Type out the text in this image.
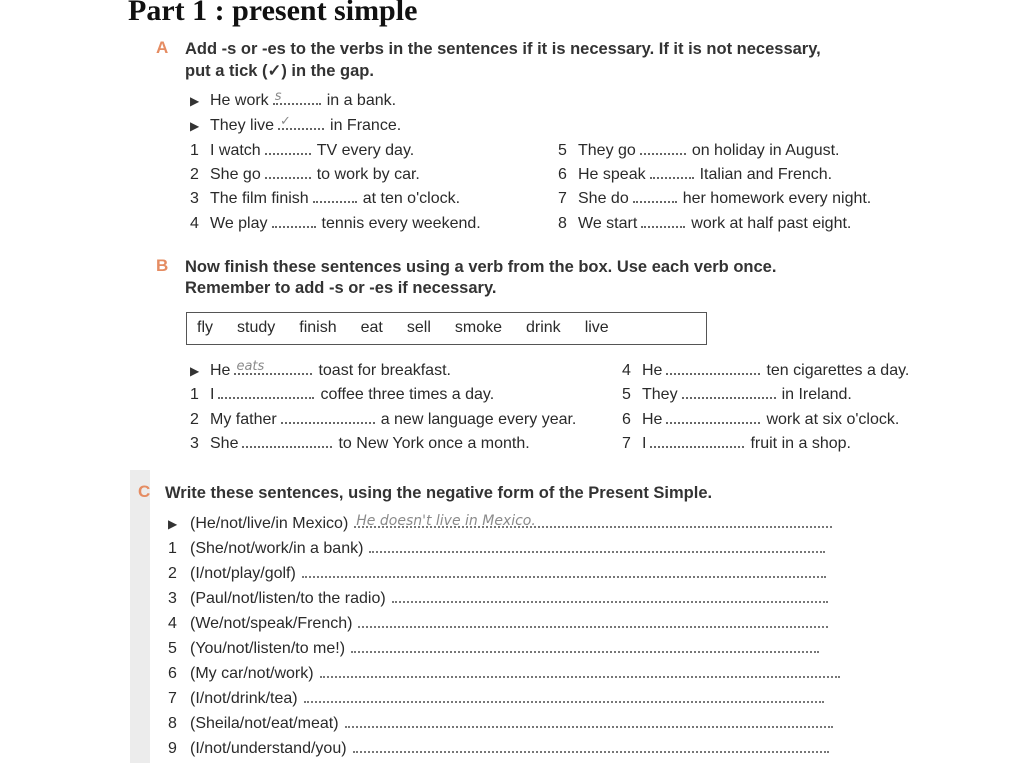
Part 1 : present simple
A Add -s or -es to the verbs in the sentences if it is necessary. If it is not necessary,
put a tick (✓) in the gap.
▶ He work s	in a bank.
▶ They live ✓ in France.
1 I watch	TV every day.
2 She go	to work by car.
3 The film finish	at ten o'clock.
4 We play	tennis every weekend.
5 They go	on holiday in August.
6 He speak	Italian and French.
7 She do	her homework every night.
8 We start	work at half past eight.
B Now finish these sentences using a verb from the box. Use each verb once.
Remember to add -s or -es if necessary.
fly study finish eat sell smoke drink live
▶ He eats	toast for breakfast.
1 I	coffee three times a day.
2 My father	a new language every year.
3 She	to New York once a month.
4 He	ten cigarettes a day.
5 They	in Ireland.
6 He	work at six o'clock.
7 I	fruit in a shop.
C Write these sentences, using the negative form of the Present Simple.
▶ (He/not/live/in Mexico) He doesn't live in Mexico.
1 (She/not/work/in a bank)
2 (I/not/play/golf)
3 (Paul/not/listen/to the radio)
4 (We/not/speak/French)
5 (You/not/listen/to me!)
6 (My car/not/work)
7 (I/not/drink/tea)
8 (Sheila/not/eat/meat)
9 (I/not/understand/you)
